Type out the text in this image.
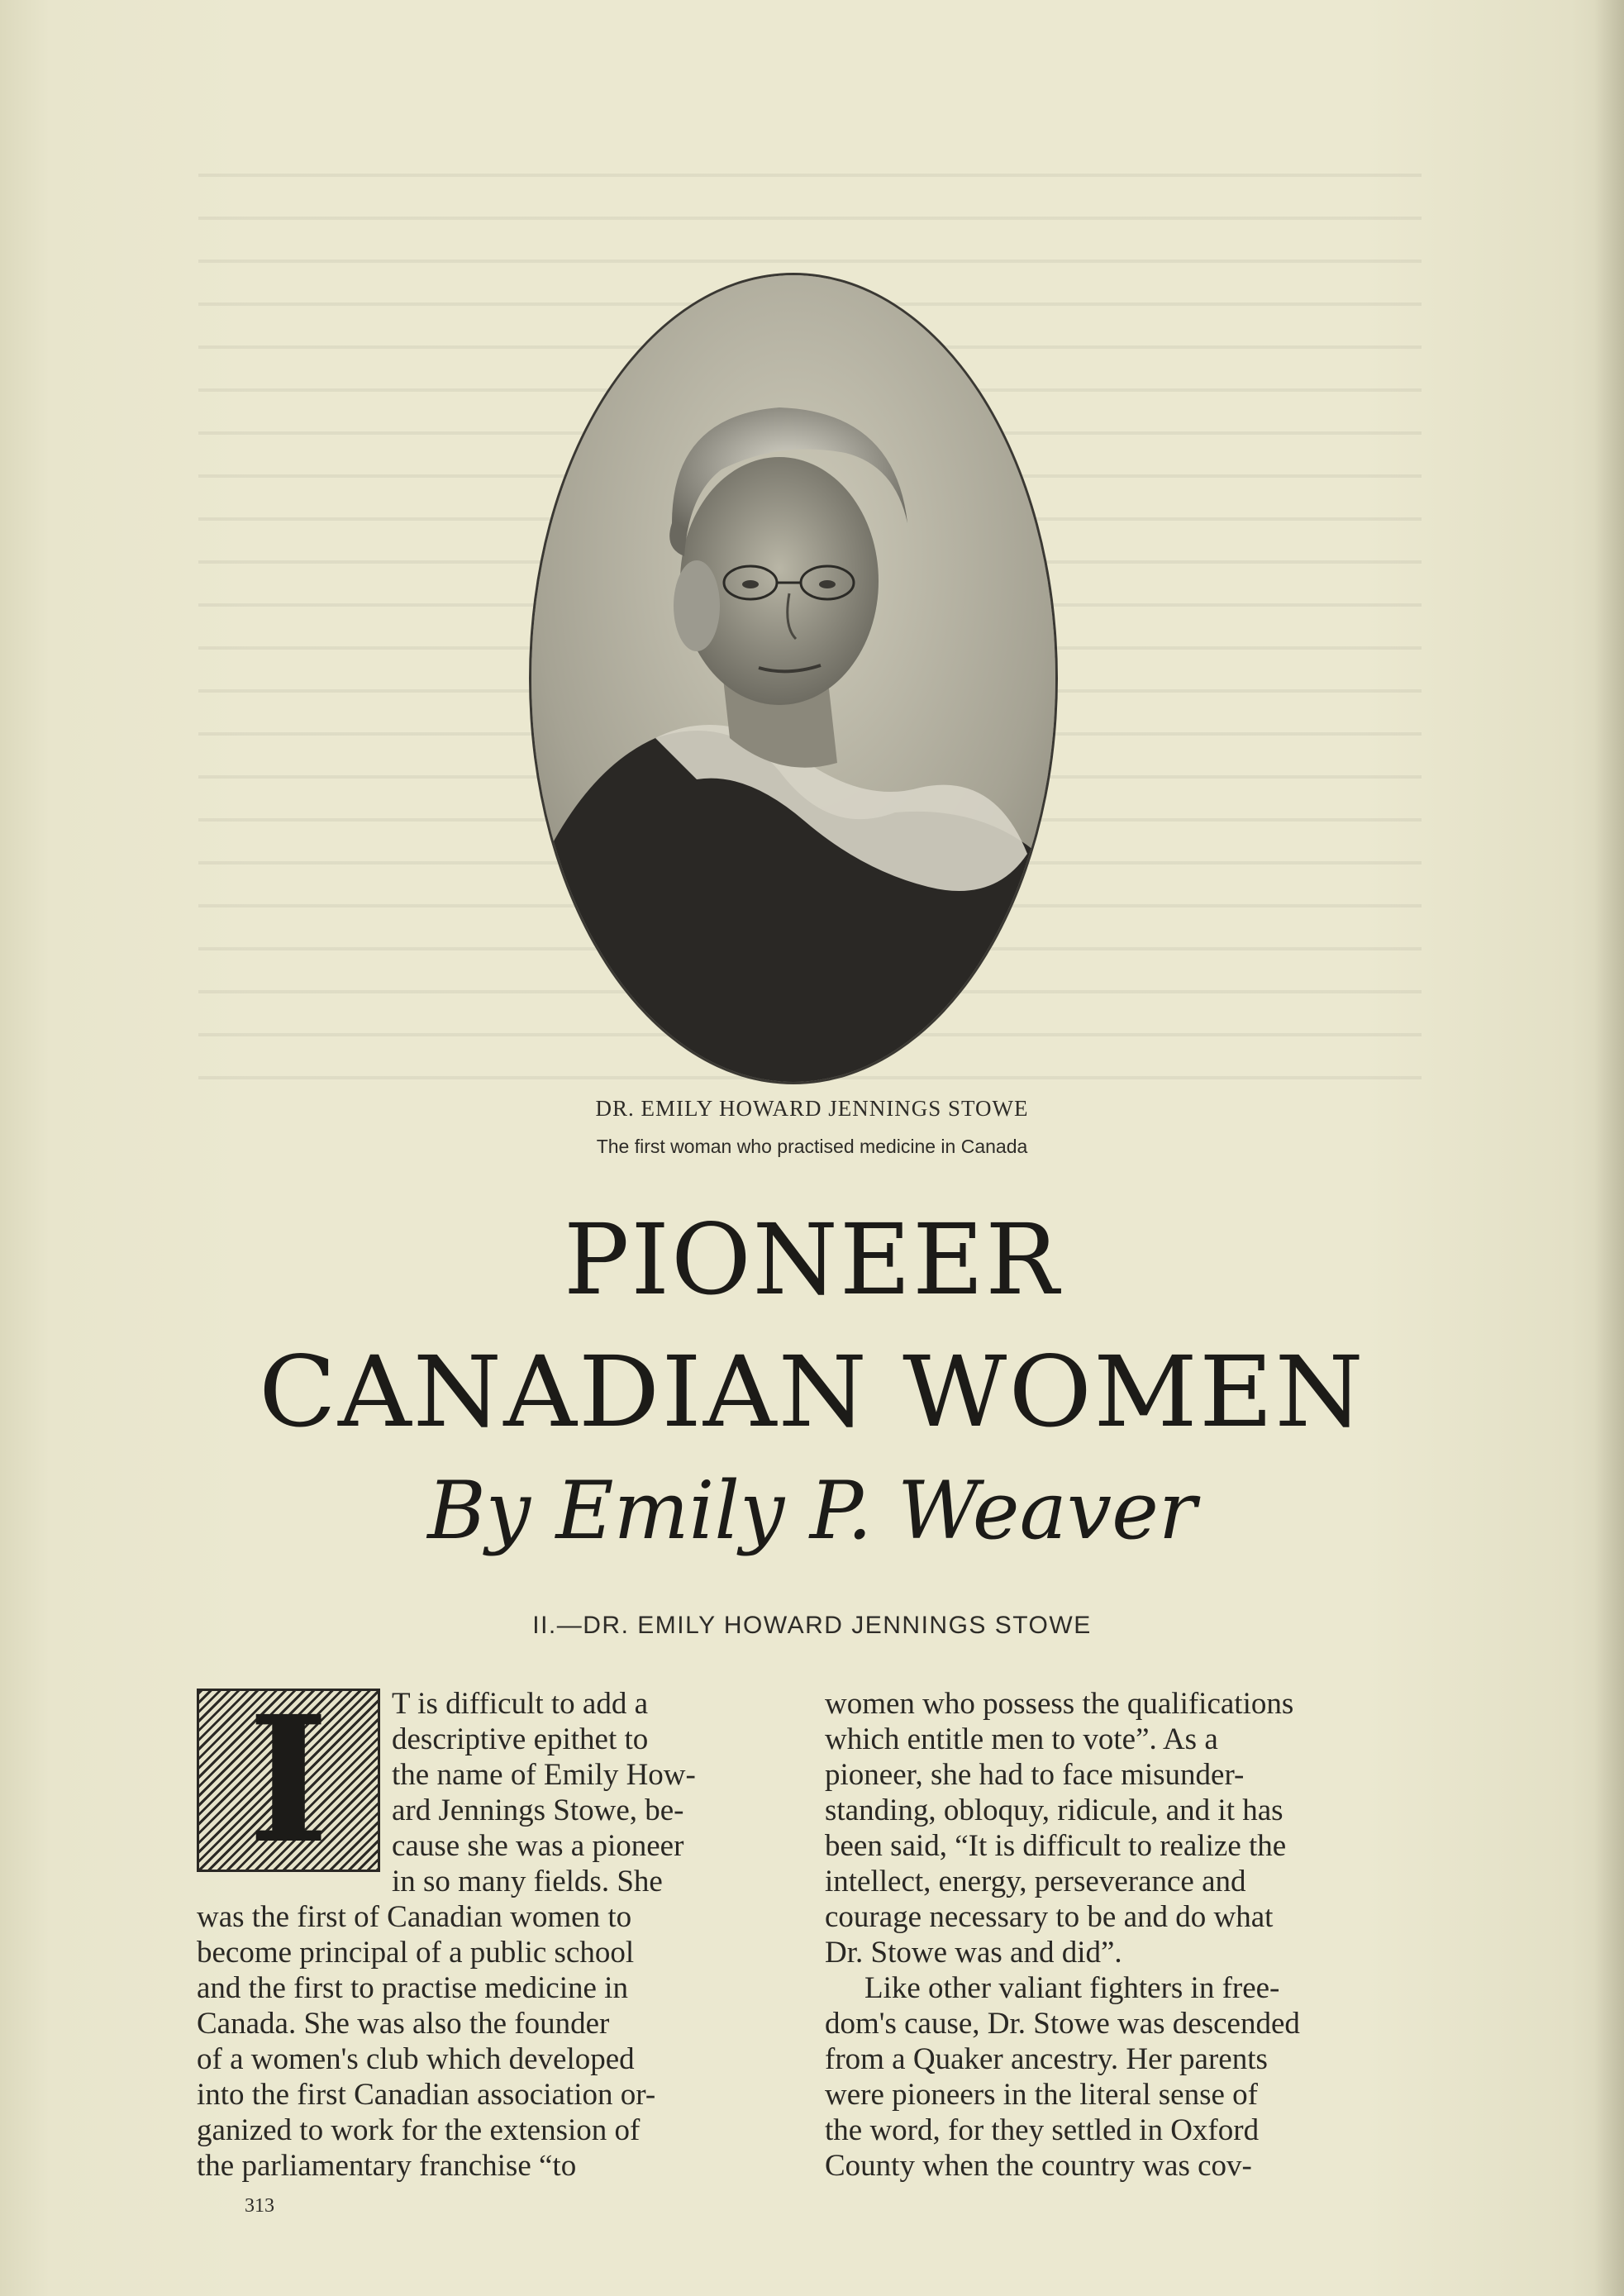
DR. EMILY HOWARD JENNINGS STOWE
The first woman who practised medicine in Canada
PIONEER
CANADIAN WOMEN
By Emily P. Weaver
II.—DR. EMILY HOWARD JENNINGS STOWE
I	T is difficult to add a
descriptive epithet to
the name of Emily How-
ard Jennings Stowe, be-
cause she was a pioneer
in so many fields. She
was the first of Canadian women to
become principal of a public school
and the first to practise medicine in
Canada. She was also the founder
of a women's club which developed
into the first Canadian association or-
ganized to work for the extension of
the parliamentary franchise “to
women who possess the qualifications
which entitle men to vote”. As a
pioneer, she had to face misunder-
standing, obloquy, ridicule, and it has
been said, “It is difficult to realize the
intellect, energy, perseverance and
courage necessary to be and do what
Dr. Stowe was and did”.
Like other valiant fighters in free-
dom's cause, Dr. Stowe was descended
from a Quaker ancestry. Her parents
were pioneers in the literal sense of
the word, for they settled in Oxford
County when the country was cov-
313
